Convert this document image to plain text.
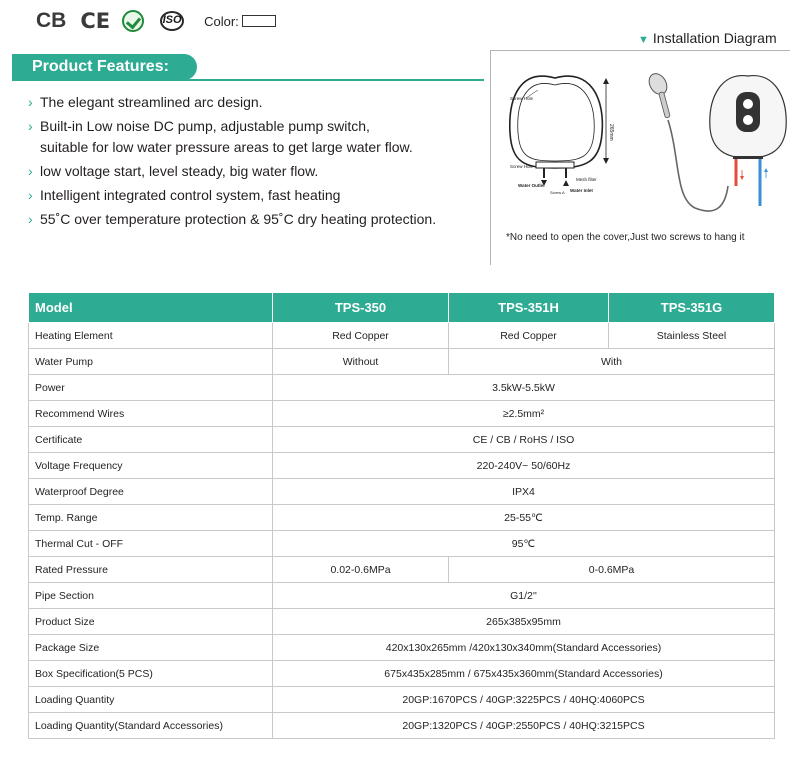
CB CE	ISO	Color:
Product Features:
› The elegant streamlined arc design.
› Built-in Low noise DC pump, adjustable pump switch,
suitable for low water pressure areas to get large water flow.
› low voltage start, level steady, big water flow.
› Intelligent integrated control system, fast heating
› 55˚C over temperature protection & 95˚C dry heating protection.
▼ Installation Diagram
265mm
Screw Hole
Screw Hole
Mesh filter
Water Outlet
Screw A Water Inlet
*No need to open the cover,Just two screws to hang it
Model	TPS-350	TPS-351H	TPS-351G
Heating Element	Red Copper	Red Copper	Stainless Steel
Water Pump	Without	With	
Power	3.5kW-5.5kW		
Recommend Wires	≥2.5mm²		
Certificate	CE / CB / RoHS / ISO		
Voltage Frequency	220-240V~ 50/60Hz		
Waterproof Degree	IPX4		
Temp. Range	25-55℃		
Thermal Cut - OFF	95℃		
Rated Pressure	0.02-0.6MPa	0-0.6MPa	
Pipe Section	G1/2''		
Product Size	265x385x95mm		
Package Size	420x130x265mm /420x130x340mm(Standard Accessories)		
Box Specification(5 PCS)	675x435x285mm / 675x435x360mm(Standard Accessories)		
Loading Quantity	20GP:1670PCS / 40GP:3225PCS / 40HQ:4060PCS		
Loading Quantity(Standard Accessories)	20GP:1320PCS / 40GP:2550PCS / 40HQ:3215PCS		
